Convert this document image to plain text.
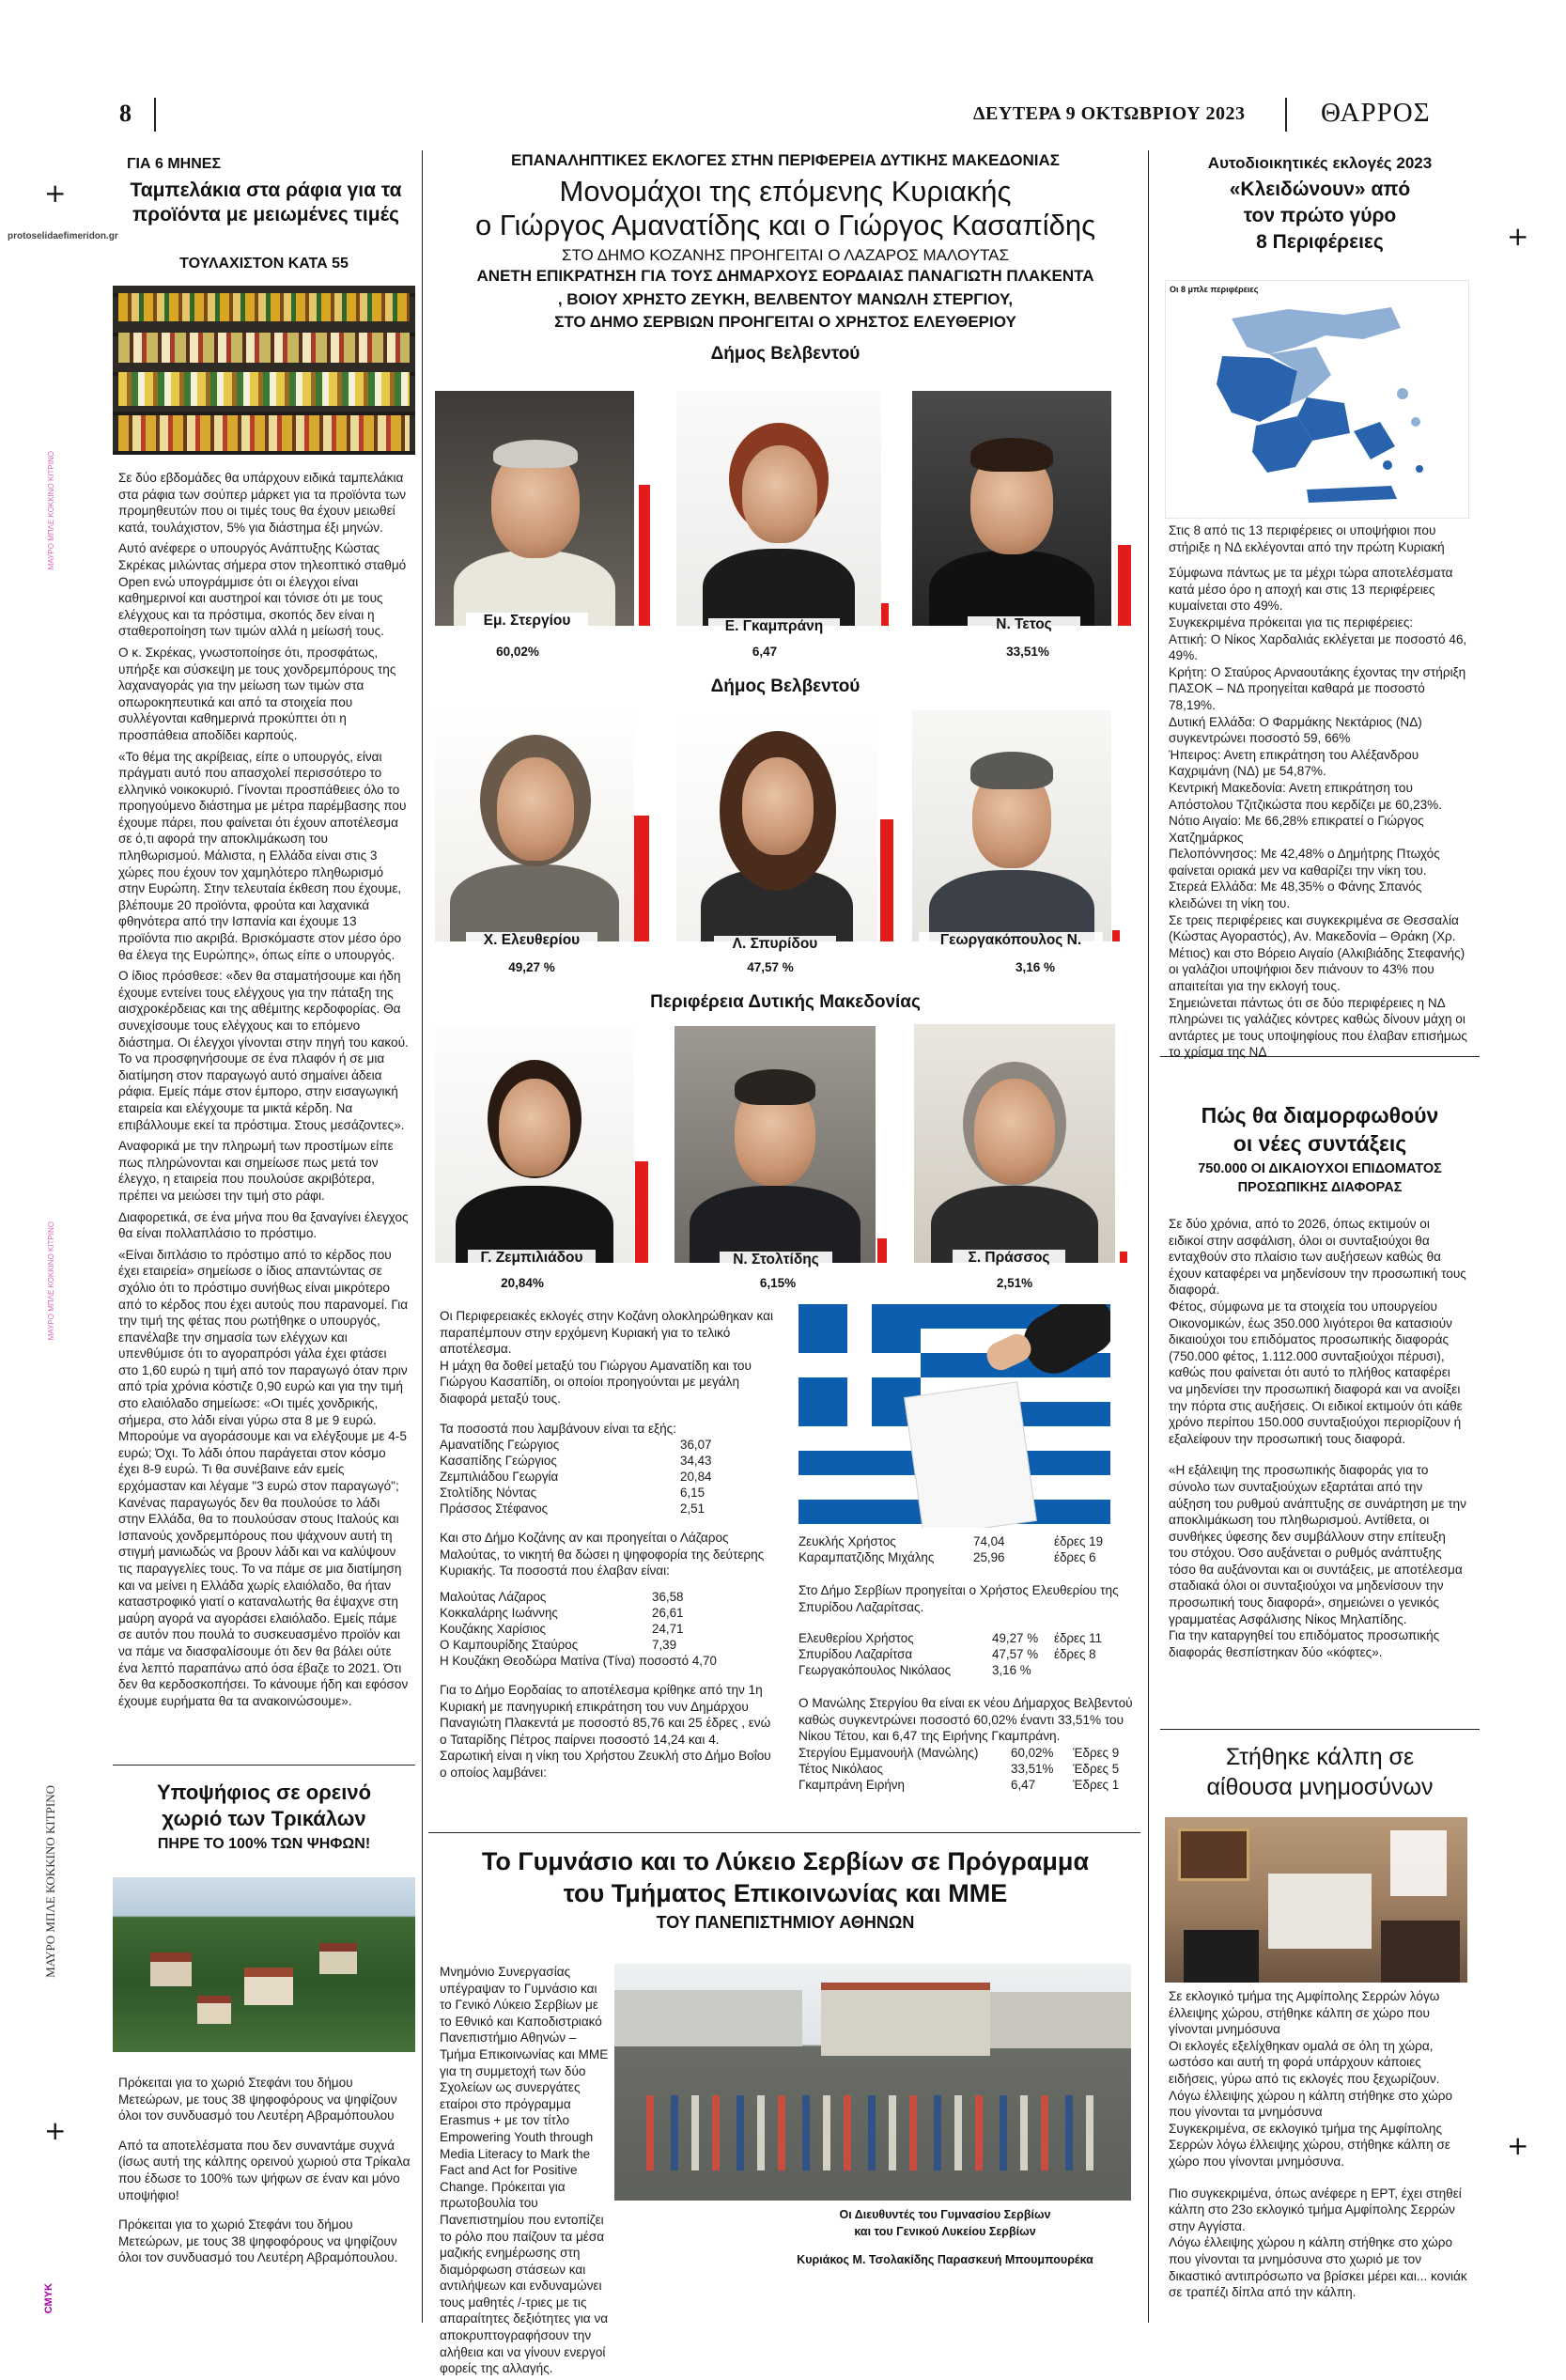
8	ΔΕΥΤΕΡΑ 9 ΟΚΤΩΒΡΙΟΥ 2023	ΘΑΡΡΟΣ
+
+
+	+
protoselidaefimeridon.gr
ΜΑΥΡΟ ΜΠΛΕ ΚΟΚΚΙΝΟ ΚΙΤΡΙΝΟ
ΜΑΥΡΟ ΜΠΛΕ ΚΟΚΚΙΝΟ ΚΙΤΡΙΝΟ
ΜΑΥΡΟ ΜΠΛΕ ΚΟΚΚΙΝΟ ΚΙΤΡΙΝΟ
CMYK
ΓΙΑ 6 ΜΗΝΕΣ
Ταμπελάκια στα ράφια για τα προϊόντα με μειωμένες τιμές
ΤΟΥΛΑΧΙΣΤΟΝ ΚΑΤΑ 55

Σε δύο εβδομάδες θα υπάρχουν ειδικά ταμπελάκια στα ράφια των σούπερ μάρκετ για τα προϊόντα των προμηθευτών που οι τιμές τους θα έχουν μειωθεί κατά, τουλάχιστον, 5% για διάστημα έξι μηνών.

Αυτό ανέφερε ο υπουργός Ανάπτυξης Κώστας Σκρέκας μιλώντας σήμερα στον τηλεοπτικό σταθμό Open ενώ υπογράμμισε ότι οι έλεγχοι είναι καθημερινοί και αυστηροί και τόνισε ότι με τους ελέγχους και τα πρόστιμα, σκοπός δεν είναι η σταθεροποίηση των τιμών αλλά η μείωσή τους.

Ο κ. Σκρέκας, γνωστοποίησε ότι, προσφάτως, υπήρξε και σύσκεψη με τους χονδρεμπόρους της λαχαναγοράς για την μείωση των τιμών στα οπωροκηπευτικά και από τα στοιχεία που συλλέγονται καθημερινά προκύπτει ότι η προσπάθεια αποδίδει καρπούς.

«Το θέμα της ακρίβειας, είπε ο υπουργός, είναι πράγματι αυτό που απασχολεί περισσότερο το ελληνικό νοικοκυριό. Γίνονται προσπάθειες όλο το προηγούμενο διάστημα με μέτρα παρέμβασης που έχουμε πάρει, που φαίνεται ότι έχουν αποτέλεσμα σε ό,τι αφορά την αποκλιμάκωση του πληθωρισμού. Μάλιστα, η Ελλάδα είναι στις 3 χώρες που έχουν τον χαμηλότερο πληθωρισμό στην Ευρώπη. Στην τελευταία έκθεση που έχουμε, βλέπουμε 20 προϊόντα, φρούτα και λαχανικά φθηνότερα από την Ισπανία και έχουμε 13 προϊόντα πιο ακριβά. Βρισκόμαστε στον μέσο όρο θα έλεγα της Ευρώπης», όπως είπε ο υπουργός.

Ο ίδιος πρόσθεσε: «δεν θα σταματήσουμε και ήδη έχουμε εντείνει τους ελέγχους για την πάταξη της αισχροκέρδειας και της αθέμιτης κερδοφορίας. Θα συνεχίσουμε τους ελέγχους και το επόμενο διάστημα. Οι έλεγχοι γίνονται στην πηγή του κακού. Το να προσφηνήσουμε σε ένα πλαφόν ή σε μια διατίμηση στον παραγωγό αυτό σημαίνει άδεια ράφια. Εμείς πάμε στον έμπορο, στην εισαγωγική εταιρεία και ελέγχουμε τα μικτά κέρδη. Να επιβάλλουμε εκεί τα πρόστιμα. Στους μεσάζοντες».

Αναφορικά με την πληρωμή των προστίμων είπε πως πληρώνονται και σημείωσε πως μετά τον έλεγχο, η εταιρεία που πουλούσε ακριβότερα, πρέπει να μειώσει την τιμή στο ράφι.

Διαφορετικά, σε ένα μήνα που θα ξαναγίνει έλεγχος θα είναι πολλαπλάσιο το πρόστιμο.

«Είναι διπλάσιο το πρόστιμο από το κέρδος που έχει εταιρεία» σημείωσε ο ίδιος απαντώντας σε σχόλιο ότι το πρόστιμο συνήθως είναι μικρότερο από το κέρδος που έχει αυτούς που παρανομεί. Για την τιμή της φέτας που ρωτήθηκε ο υπουργός, επανέλαβε την σημασία των ελέγχων και υπενθύμισε ότι το αγοραπρόσι γάλα έχει φτάσει στο 1,60 ευρώ η τιμή από τον παραγωγό όταν πριν από τρία χρόνια κόστιζε 0,90 ευρώ και για την τιμή στο ελαιόλαδο σημείωσε: «Οι τιμές χονδρικής, σήμερα, στο λάδι είναι γύρω στα 8 με 9 ευρώ. Μπορούμε να αγοράσουμε και να ελέγξουμε με 4-5 ευρώ; Όχι. Το λάδι όπου παράγεται στον κόσμο έχει 8-9 ευρώ. Τι θα συνέβαινε εάν εμείς ερχόμασταν και λέγαμε "3 ευρώ στον παραγωγό"; Κανένας παραγωγός δεν θα πουλούσε το λάδι στην Ελλάδα, θα το πουλούσαν στους Ιταλούς και Ισπανούς χονδρεμπόρους που ψάχνουν αυτή τη στιγμή μανιωδώς να βρουν λάδι και να καλύψουν τις παραγγελίες τους. Το να πάμε σε μια διατίμηση και να μείνει η Ελλάδα χωρίς ελαιόλαδο, θα ήταν καταστροφικό γιατί ο καταναλωτής θα έψαχνε στη μαύρη αγορά να αγοράσει ελαιόλαδο. Εμείς πάμε σε αυτόν που πουλά το συσκευασμένο προϊόν και να πάμε να διασφαλίσουμε ότι δεν θα βάλει ούτε ένα λεπτό παραπάνω από όσα έβαζε το 2021. Ότι δεν θα κερδοσκοπήσει. Το κάνουμε ήδη και εφόσον έχουμε ευρήματα θα τα ανακοινώσουμε».

Υποψήφιος σε ορεινό χωριό των Τρικάλων
ΠΗΡΕ ΤΟ 100% ΤΩΝ ΨΗΦΩΝ!

Πρόκειται για το χωριό Στεφάνι του δήμου Μετεώρων, με τους 38 ψηφοφόρους να ψηφίζουν όλοι τον συνδυασμό του Λευτέρη Αβραμόπουλου

Από τα αποτελέσματα που δεν συναντάμε συχνά (ίσως αυτή της κάλπης ορεινού χωριού στα Τρίκαλα που έδωσε το 100% των ψήφων σε έναν και μόνο υποψήφιο!

Πρόκειται για το χωριό Στεφάνι του δήμου Μετεώρων, με τους 38 ψηφοφόρους να ψηφίζουν όλοι τον συνδυασμό του Λευτέρη Αβραμόπουλου.

ΕΠΑΝΑΛΗΠΤΙΚΕΣ ΕΚΛΟΓΕΣ ΣΤΗΝ ΠΕΡΙΦΕΡΕΙΑ ΔΥΤΙΚΗΣ ΜΑΚΕΔΟΝΙΑΣ
Μονομάχοι της επόμενης Κυριακής
ο Γιώργος Αμανατίδης και ο Γιώργος Κασαπίδης
ΣΤΟ ΔΗΜΟ ΚΟΖΑΝΗΣ ΠΡΟΗΓΕΙΤΑΙ Ο ΛΑΖΑΡΟΣ ΜΑΛΟΥΤΑΣ
ΑΝΕΤΗ ΕΠΙΚΡΑΤΗΣΗ ΓΙΑ ΤΟΥΣ ΔΗΜΑΡΧΟΥΣ ΕΟΡΔΑΙΑΣ ΠΑΝΑΓΙΩΤΗ ΠΛΑΚΕΝΤΑ
, ΒΟΙΟΥ ΧΡΗΣΤΟ ΖΕΥΚΗ, ΒΕΛΒΕΝΤΟΥ ΜΑΝΩΛΗ ΣΤΕΡΓΙΟΥ,
ΣΤΟ ΔΗΜΟ ΣΕΡΒΙΩΝ ΠΡΟΗΓΕΙΤΑΙ Ο ΧΡΗΣΤΟΣ ΕΛΕΥΘΕΡΙΟΥ
Δήμος Βελβεντού
Εμ. Στεργίου
60,02%
Ε. Γκαμπράνη
6,47
Ν. Τετος
33,51%
Δήμος Βελβεντού
Χ. Ελευθερίου
49,27 %
Λ. Σπυρίδου
47,57 %
Γεωργακόπουλος Ν.
3,16 %
Περιφέρεια Δυτικής Μακεδονίας
Γ. Ζεμπιλιάδου
20,84%
Ν. Στολτίδης
6,15%
Σ. Πράσσος
2,51%

Οι Περιφερειακές εκλογές στην Κοζάνη ολοκληρώθηκαν και παραπέμπουν στην ερχόμενη Κυριακή για το τελικό αποτέλεσμα.

Η μάχη θα δοθεί μεταξύ του Γιώργου Αμανατίδη και του Γιώργου Κασαπίδη, οι οποίοι προηγούνται με μεγάλη διαφορά μεταξύ τους.

Τα ποσοστά που λαμβάνουν είναι τα εξής:

Αμανατίδης Γεώργιος	36,07
Κασαπίδης Γεώργιος	34,43
Ζεμπιλιάδου Γεωργία	20,84
Στολτίδης Νόντας	6,15
Πράσσος Στέφανος	2,51

Και στο Δήμο Κοζάνης αν και προηγείται ο Λάζαρος Μαλούτας, το νικητή θα δώσει η ψηφοφορία της δεύτερης Κυριακής. Τα ποσοστά που έλαβαν είναι:

Μαλούτας Λάζαρος	36,58
Κοκκαλάρης Ιωάννης	26,61
Κουζάκης Χαρίσιος	24,71
Ο Καμπουρίδης Σταύρος	7,39
Η Κουζάκη Θεοδώρα Ματίνα (Τίνα) ποσοστό 4,70	

Για το Δήμο Εορδαίας το αποτέλεσμα κρίθηκε από την 1η Κυριακή με πανηγυρική επικράτηση του νυν Δημάρχου Παναγιώτη Πλακεντά με ποσοστό 85,76 και 25 έδρες , ενώ ο Ταταρίδης Πέτρος παίρνει ποσοστό 14,24 και 4.

Σαρωτική είναι η νίκη του Χρήστου Ζευκλή στο Δήμο Βοΐου ο οποίος λαμβάνει:

Ζευκλής Χρήστος	74,04	έδρες 19
Καραμπατζιδης Μιχάλης	25,96	έδρες 6

Στο Δήμο Σερβίων προηγείται ο Χρήστος Ελευθερίου της Σπυρίδου Λαζαρίτσας.

Ελευθερίου Χρήστος	49,27 %	έδρες 11
Σπυρίδου Λαζαρίτσα	47,57 %	έδρες 8
Γεωργακόπουλος Νικόλαος	3,16 %	

Ο Μανώλης Στεργίου θα είναι εκ νέου Δήμαρχος Βελβεντού καθώς συγκεντρώνει ποσοστό 60,02% έναντι 33,51% του Νίκου Τέτου, και 6,47 της Ειρήνης Γκαμπράνη.

Στεργίου Εμμανουήλ (Μανώλης)	60,02%	Έδρες 9
Τέτος Νικόλαος	33,51%	Έδρες 5
Γκαμπράνη Ειρήνη	6,47	Έδρες 1
Το Γυμνάσιο και το Λύκειο Σερβίων σε Πρόγραμμα
του Τμήματος Επικοινωνίας και ΜΜΕ
ΤΟΥ ΠΑΝΕΠΙΣΤΗΜΙΟΥ ΑΘΗΝΩΝ
Μνημόνιο Συνεργασίας υπέγραψαν το Γυμνάσιο και το Γενικό Λύκειο Σερβίων με το Εθνικό και Καποδιστριακό Πανεπιστήμιο Αθηνών – Τμήμα Επικοινωνίας και ΜΜΕ για τη συμμετοχή των δύο Σχολείων ως συνεργάτες εταίροι στο πρόγραμμα Erasmus + με τον τίτλο Empowering Youth through Media Literacy to Mark the Fact and Act for Positive Change. Πρόκειται για πρωτοβουλία του Πανεπιστημίου που εντοπίζει το ρόλο που παίζουν τα μέσα μαζικής ενημέρωσης στη διαμόρφωση στάσεων και αντιλήψεων και ενδυναμώνει τους μαθητές /-τριες με τις απαραίτητες δεξιότητες για να αποκρυπτογραφήσουν την αλήθεια και να γίνουν ενεργοί φορείς της αλλαγής.
Οι Διευθυντές του Γυμνασίου Σερβίων
και του Γενικού Λυκείου Σερβίων
Κυριάκος Μ. Τσολακίδης Παρασκευή Μπουμπουρέκα
Αυτοδιοικητικές εκλογές 2023
«Κλειδώνουν» από
τον πρώτο γύρο
8 Περιφέρειες
Οι 8 μπλε περιφέρειες

Στις 8 από τις 13 περιφέρειες οι υποψήφιοι που στήριξε η ΝΔ εκλέγονται από την πρώτη Κυριακή

Σύμφωνα πάντως με τα μέχρι τώρα αποτελέσματα κατά μέσο όρο η αποχή και στις 13 περιφέρειες κυμαίνεται στο 49%.

Συγκεκριμένα πρόκειται για τις περιφέρειες:

Αττική: Ο Νίκος Χαρδαλιάς εκλέγεται με ποσοστό 46, 49%.

Κρήτη: Ο Σταύρος Αρναουτάκης έχοντας την στήριξη ΠΑΣΟΚ – ΝΔ προηγείται καθαρά με ποσοστό 78,19%.

Δυτική Ελλάδα: Ο Φαρμάκης Νεκτάριος (ΝΔ) συγκεντρώνει ποσοστό 59, 66%

Ήπειρος: Ανετη επικράτηση του Αλέξανδρου Καχριμάνη (ΝΔ) με 54,87%.

Κεντρική Μακεδονία: Ανετη επικράτηση του Απόστολου Τζιτζικώστα που κερδίζει με 60,23%.

Νότιο Αιγαίο: Με 66,28% επικρατεί ο Γιώργος Χατζημάρκος

Πελοπόννησος: Με 42,48% ο Δημήτρης Πτωχός φαίνεται οριακά μεν να καθαρίζει την νίκη του.

Στερεά Ελλάδα: Με 48,35% ο Φάνης Σπανός κλειδώνει τη νίκη του.

Σε τρεις περιφέρειες και συγκεκριμένα σε Θεσσαλία (Κώστας Αγοραστός), Αν. Μακεδονία – Θράκη (Χρ. Μέτιος) και στο Βόρειο Αιγαίο (Αλκιβιάδης Στεφανής) οι γαλάζιοι υποψήφιοι δεν πιάνουν το 43% που απαιτείται για την εκλογή τους.

Σημειώνεται πάντως ότι σε δύο περιφέρειες η ΝΔ πληρώνει τις γαλάζιες κόντρες καθώς δίνουν μάχη οι αντάρτες με τους υποψηφίους που έλαβαν επισήμως το χρίσμα της ΝΔ

Πώς θα διαμορφωθούν
οι νέες συντάξεις
750.000 ΟΙ ΔΙΚΑΙΟΥΧΟΙ ΕΠΙΔΟΜΑΤΟΣ
ΠΡΟΣΩΠΙΚΗΣ ΔΙΑΦΟΡΑΣ

Σε δύο χρόνια, από το 2026, όπως εκτιμούν οι ειδικοί στην ασφάλιση, όλοι οι συνταξιούχοι θα ενταχθούν στο πλαίσιο των αυξήσεων καθώς θα έχουν καταφέρει να μηδενίσουν την προσωπική τους διαφορά.

Φέτος, σύμφωνα με τα στοιχεία του υπουργείου Οικονομικών, έως 350.000 λιγότεροι θα κατασιούν δικαιούχοι του επιδόματος προσωπικής διαφοράς (750.000 φέτος, 1.112.000 συνταξιούχοι πέρυσι), καθώς που φαίνεται ότι αυτό το πλήθος καταφέρει να μηδενίσει την προσωπική διαφορά και να ανοίξει την πόρτα στις αυξήσεις. Οι ειδικοί εκτιμούν ότι κάθε χρόνο περίπου 150.000 συνταξιούχοι περιορίζουν ή εξαλείφουν την προσωπική τους διαφορά.

«Η εξάλειψη της προσωπικής διαφοράς για το σύνολο των συνταξιούχων εξαρτάται από την αύξηση του ρυθμού ανάπτυξης σε συνάρτηση με την αποκλιμάκωση του πληθωρισμού. Αντίθετα, οι συνθήκες ύφεσης δεν συμβάλλουν στην επίτευξη του στόχου. Όσο αυξάνεται ο ρυθμός ανάπτυξης τόσο θα αυξάνονται και οι συντάξεις, με αποτέλεσμα σταδιακά όλοι οι συνταξιούχοι να μηδενίσουν την προσωπική τους διαφορά», σημειώνει ο γενικός γραμματέας Ασφάλισης Νίκος Μηλαπίδης.

Για την καταργηθεί του επιδόματος προσωπικής διαφοράς θεσπίστηκαν δύο «κόφτες».

Στήθηκε κάλπη σε
αίθουσα μνημοσύνων

Σε εκλογικό τμήμα της Αμφίπολης Σερρών λόγω έλλειψης χώρου, στήθηκε κάλπη σε χώρο που γίνονται μνημόσυνα

Οι εκλογές εξελίχθηκαν ομαλά σε όλη τη χώρα, ωστόσο και αυτή τη φορά υπάρχουν κάποιες ειδήσεις, γύρω από τις εκλογές που ξεχωρίζουν. Λόγω έλλειψης χώρου η κάλπη στήθηκε στο χώρο που γίνονται τα μνημόσυνα

Συγκεκριμένα, σε εκλογικό τμήμα της Αμφίπολης Σερρών λόγω έλλειψης χώρου, στήθηκε κάλπη σε χώρο που γίνονται μνημόσυνα.

Πιο συγκεκριμένα, όπως ανέφερε η ΕΡΤ, έχει στηθεί κάλπη στο 23ο εκλογικό τμήμα Αμφίπολης Σερρών στην Αγγίστα.

Λόγω έλλειψης χώρου η κάλπη στήθηκε στο χώρο που γίνονται τα μνημόσυνα στο χωριό με τον δικαστικό αντιπρόσωπο να βρίσκει μέρει και... κονιάκ σε τραπέζι δίπλα από την κάλπη.
